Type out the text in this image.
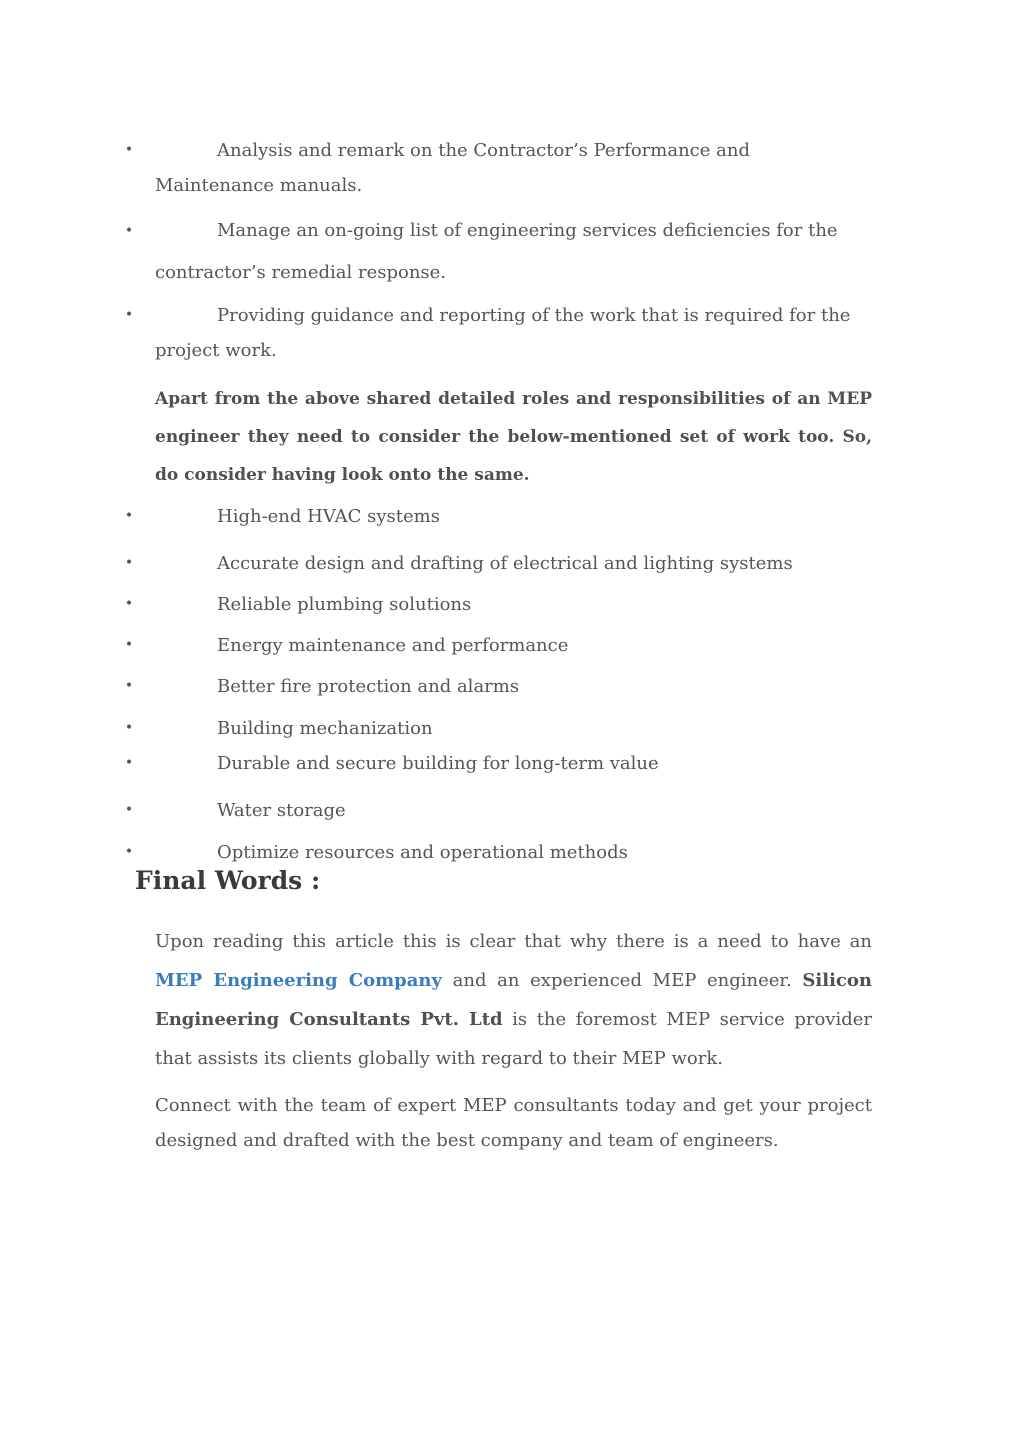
•	Analysis and remark on the Contractor’s Performance and Maintenance manuals.
•	Manage an on-going list of engineering services deficiencies for the contractor’s remedial response.
•	Providing guidance and reporting of the work that is required for the project work.
Apart from the above shared detailed roles and responsibilities of an MEP engineer they need to consider the below-mentioned set of work too. So, do consider having look onto the same.
•	High-end HVAC systems
•	Accurate design and drafting of electrical and lighting systems
•	Reliable plumbing solutions
•	Energy maintenance and performance
•	Better fire protection and alarms
•	Building mechanization
•	Durable and secure building for long-term value
•	Water storage
•	Optimize resources and operational methods
Final Words :
Upon reading this article this is clear that why there is a need to have an MEP Engineering Company and an experienced MEP engineer. Silicon Engineering Consultants Pvt. Ltd is the foremost MEP service provider that assists its clients globally with regard to their MEP work.
Connect with the team of expert MEP consultants today and get your project designed and drafted with the best company and team of engineers.
